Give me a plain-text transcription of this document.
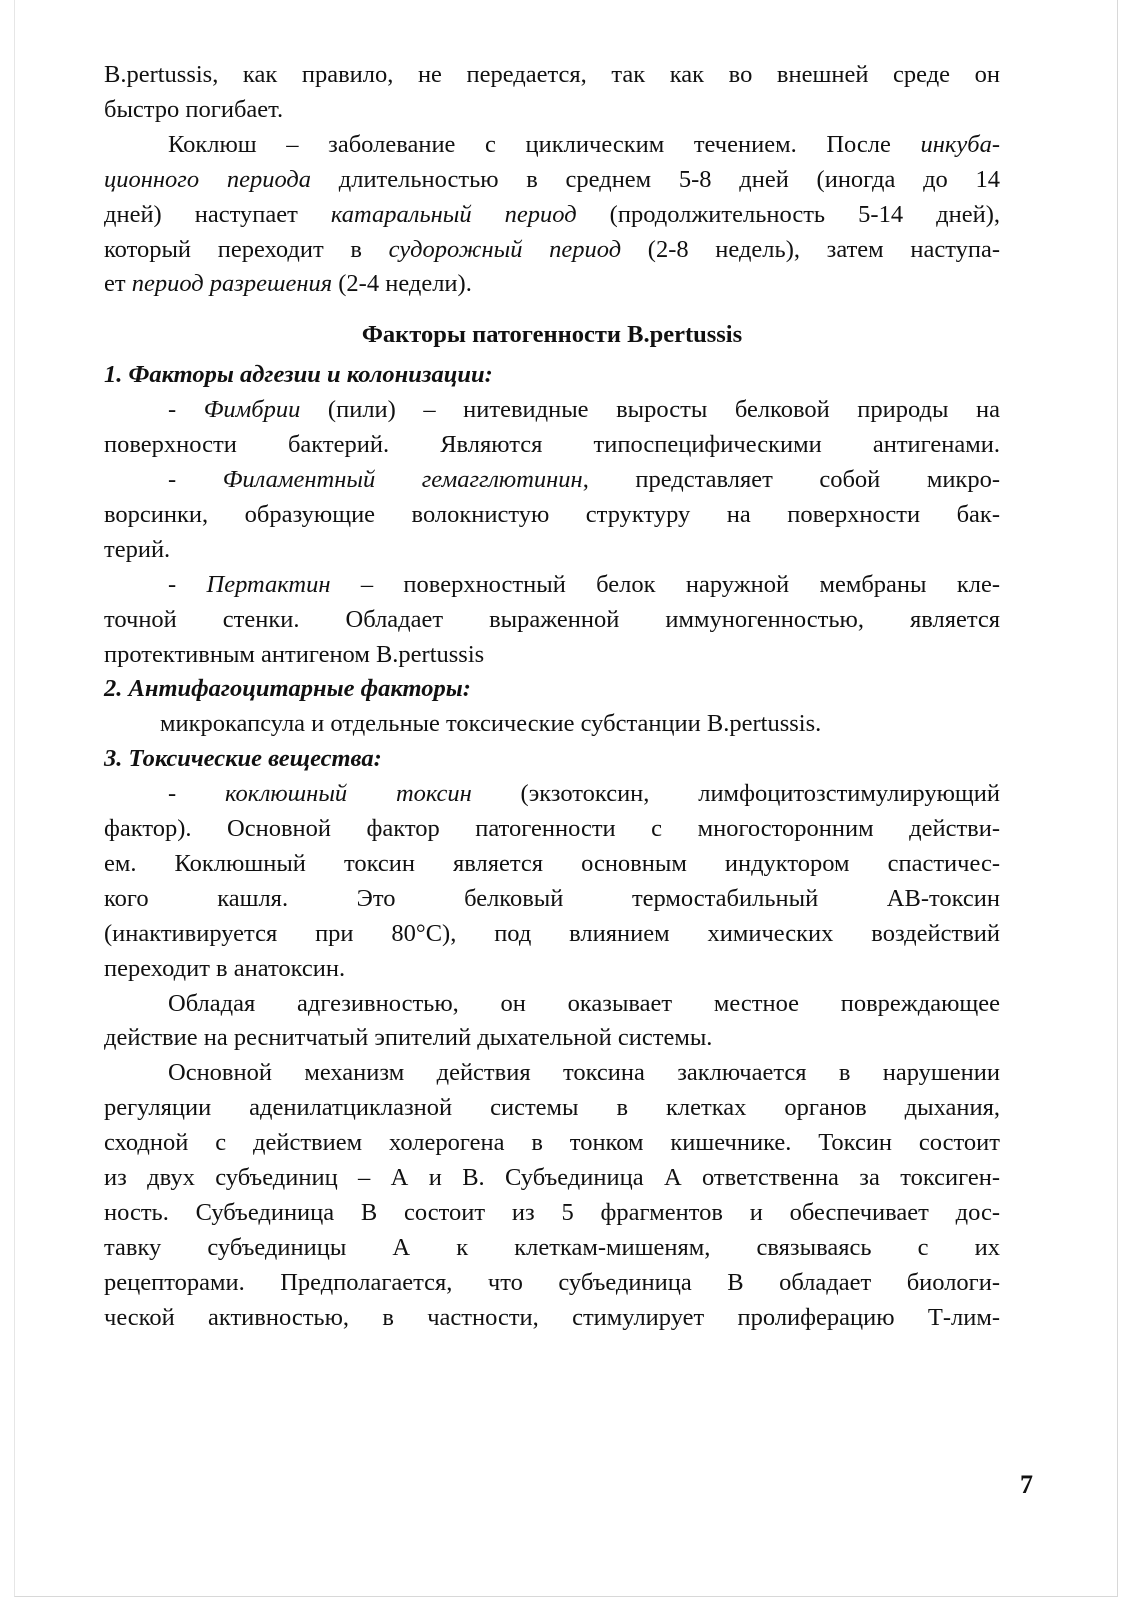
B.pertussis, как правило, не передается, так как во внешней среде он
быстро погибает.
Коклюш – заболевание с циклическим течением. После инкуба-
ционного периода длительностью в среднем 5-8 дней (иногда до 14
дней) наступает катаральный период (продолжительность 5-14 дней),
который переходит в судорожный период (2-8 недель), затем наступа-
ет период разрешения (2-4 недели).
Факторы патогенности B.pertussis
1. Факторы адгезии и колонизации:
- Фимбрии (пили) – нитевидные выросты белковой природы на
поверхности бактерий. Являются типоспецифическими антигенами.
- Филаментный гемагглютинин, представляет собой микро-
ворсинки, образующие волокнистую структуру на поверхности бак-
терий.
- Пертактин – поверхностный белок наружной мембраны кле-
точной стенки. Обладает выраженной иммуногенностью, является
протективным антигеном B.pertussis
2. Антифагоцитарные факторы:
микрокапсула и отдельные токсические субстанции B.pertussis.
3. Токсические вещества:
- коклюшный токсин (экзотоксин, лимфоцитозстимулирующий
фактор). Основной фактор патогенности с многосторонним действи-
ем. Коклюшный токсин является основным индуктором спастичес-
кого кашля. Это белковый термостабильный АВ-токсин
(инактивируется при 80°С), под влиянием химических воздействий
переходит в анатоксин.
Обладая адгезивностью, он оказывает местное повреждающее
действие на реснитчатый эпителий дыхательной системы.
Основной механизм действия токсина заключается в нарушении
регуляции аденилатциклазной системы в клетках органов дыхания,
сходной с действием холерогена в тонком кишечнике. Токсин состоит
из двух субъединиц – А и В. Субъединица А ответственна за токсиген-
ность. Субъединица В состоит из 5 фрагментов и обеспечивает дос-
тавку субъединицы А к клеткам-мишеням, связываясь с их
рецепторами. Предполагается, что субъединица В обладает биологи-
ческой активностью, в частности, стимулирует пролиферацию Т-лим-
7
